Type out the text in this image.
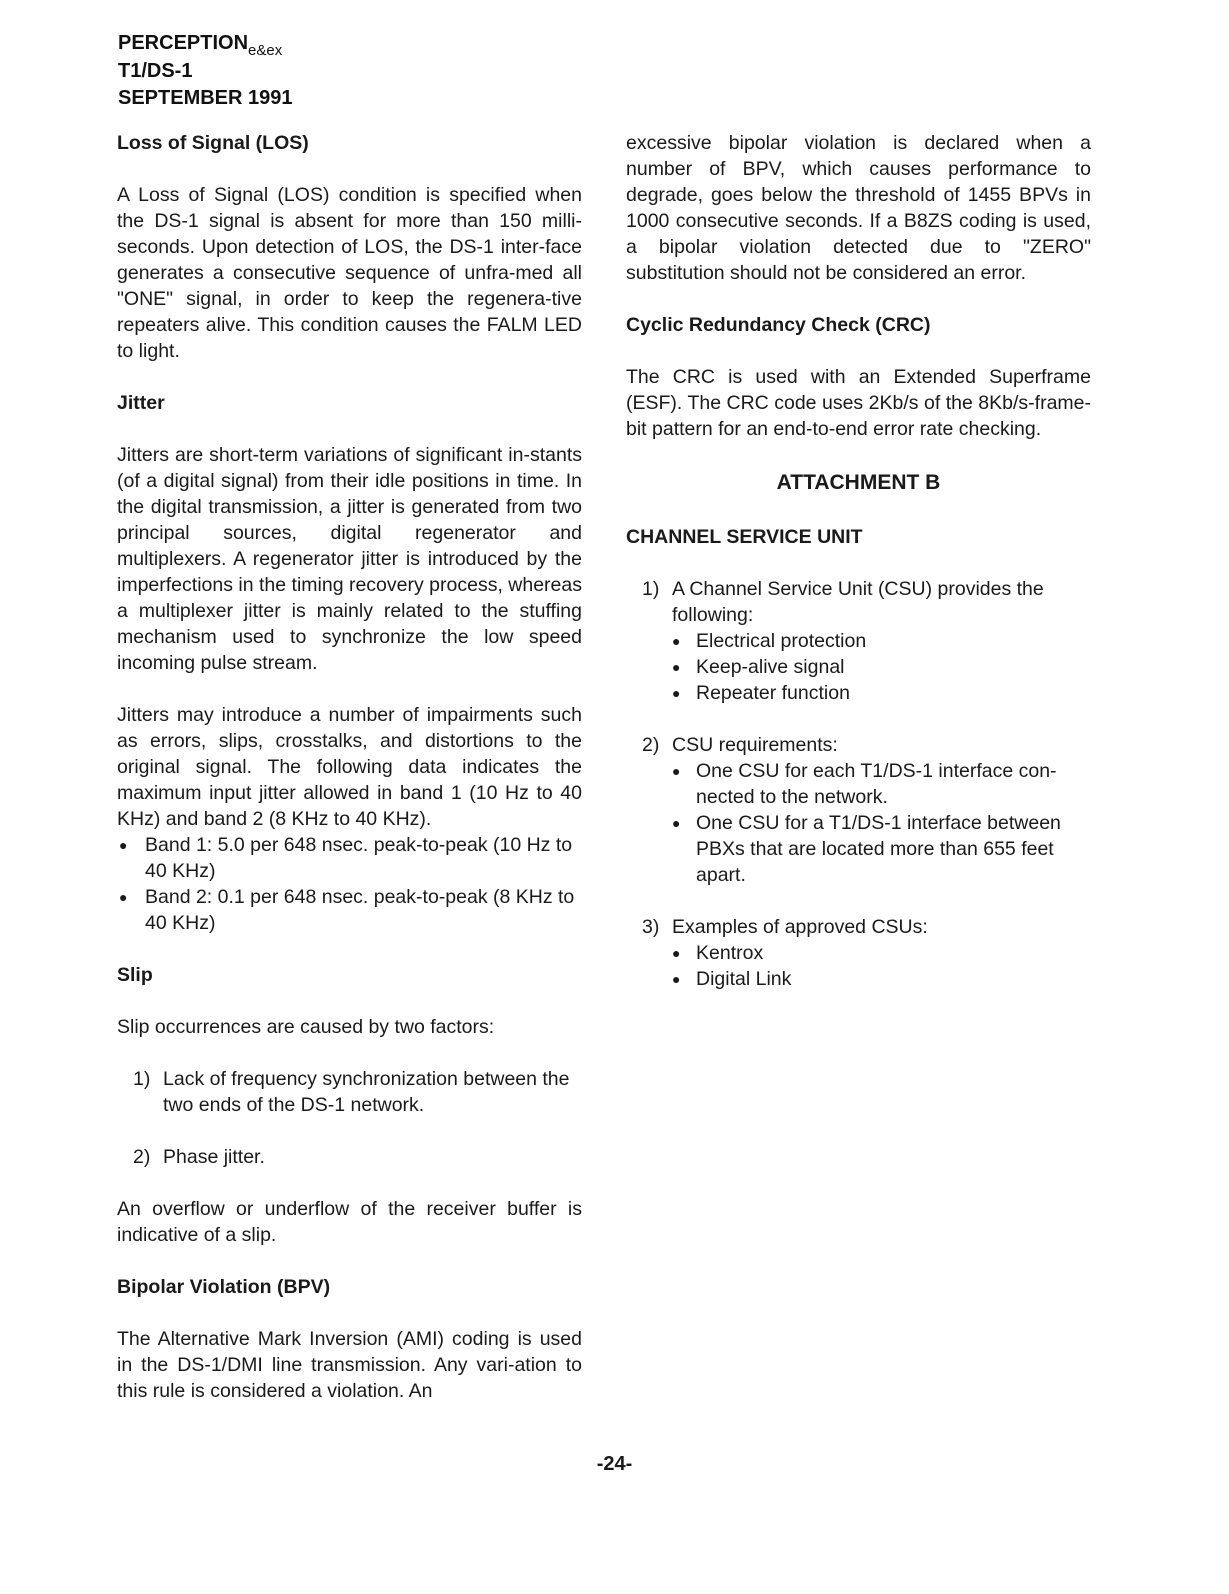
$PERCEPTION_{e\&ex}$
T1/DS-1
SEPTEMBER 1991
Loss of Signal (LOS)

A Loss of Signal (LOS) condition is specified when the DS-1 signal is absent for more than 150 milli-seconds. Upon detection of LOS, the DS-1 inter-face generates a consecutive sequence of unfra-med all "ONE" signal, in order to keep the regenera-tive repeaters alive. This condition causes the FALM LED to light.

Jitter

Jitters are short-term variations of significant in-stants (of a digital signal) from their idle positions in time. In the digital transmission, a jitter is generated from two principal sources, digital regenerator and multiplexers. A regenerator jitter is introduced by the imperfections in the timing recovery process, whereas a multiplexer jitter is mainly related to the stuffing mechanism used to synchronize the low speed incoming pulse stream.

Jitters may introduce a number of impairments such as errors, slips, crosstalks, and distortions to the original signal. The following data indicates the maximum input jitter allowed in band 1 (10 Hz to 40 KHz) and band 2 (8 KHz to 40 KHz).

● Band 1: 5.0 per 648 nsec. peak-to-peak (10 Hz to 40 KHz)
● Band 2: 0.1 per 648 nsec. peak-to-peak (8 KHz to 40 KHz)
Slip

Slip occurrences are caused by two factors:

1) Lack of frequency synchronization between the two ends of the DS-1 network.
2) Phase jitter.

An overflow or underflow of the receiver buffer is indicative of a slip.

Bipolar Violation (BPV)

The Alternative Mark Inversion (AMI) coding is used in the DS-1/DMI line transmission. Any vari-ation to this rule is considered a violation. An

excessive bipolar violation is declared when a number of BPV, which causes performance to degrade, goes below the threshold of 1455 BPVs in 1000 consecutive seconds. If a B8ZS coding is used, a bipolar violation detected due to "ZERO" substitution should not be considered an error.

Cyclic Redundancy Check (CRC)

The CRC is used with an Extended Superframe (ESF). The CRC code uses 2Kb/s of the 8Kb/s-frame-bit pattern for an end-to-end error rate checking.

ATTACHMENT B
CHANNEL SERVICE UNIT
1) A Channel Service Unit (CSU) provides the following:
● Electrical protection
● Keep-alive signal
● Repeater function
2) CSU requirements:
● One CSU for each T1/DS-1 interface con-nected to the network.
● One CSU for a T1/DS-1 interface between PBXs that are located more than 655 feet apart.
3) Examples of approved CSUs:
● Kentrox
● Digital Link
-24-
